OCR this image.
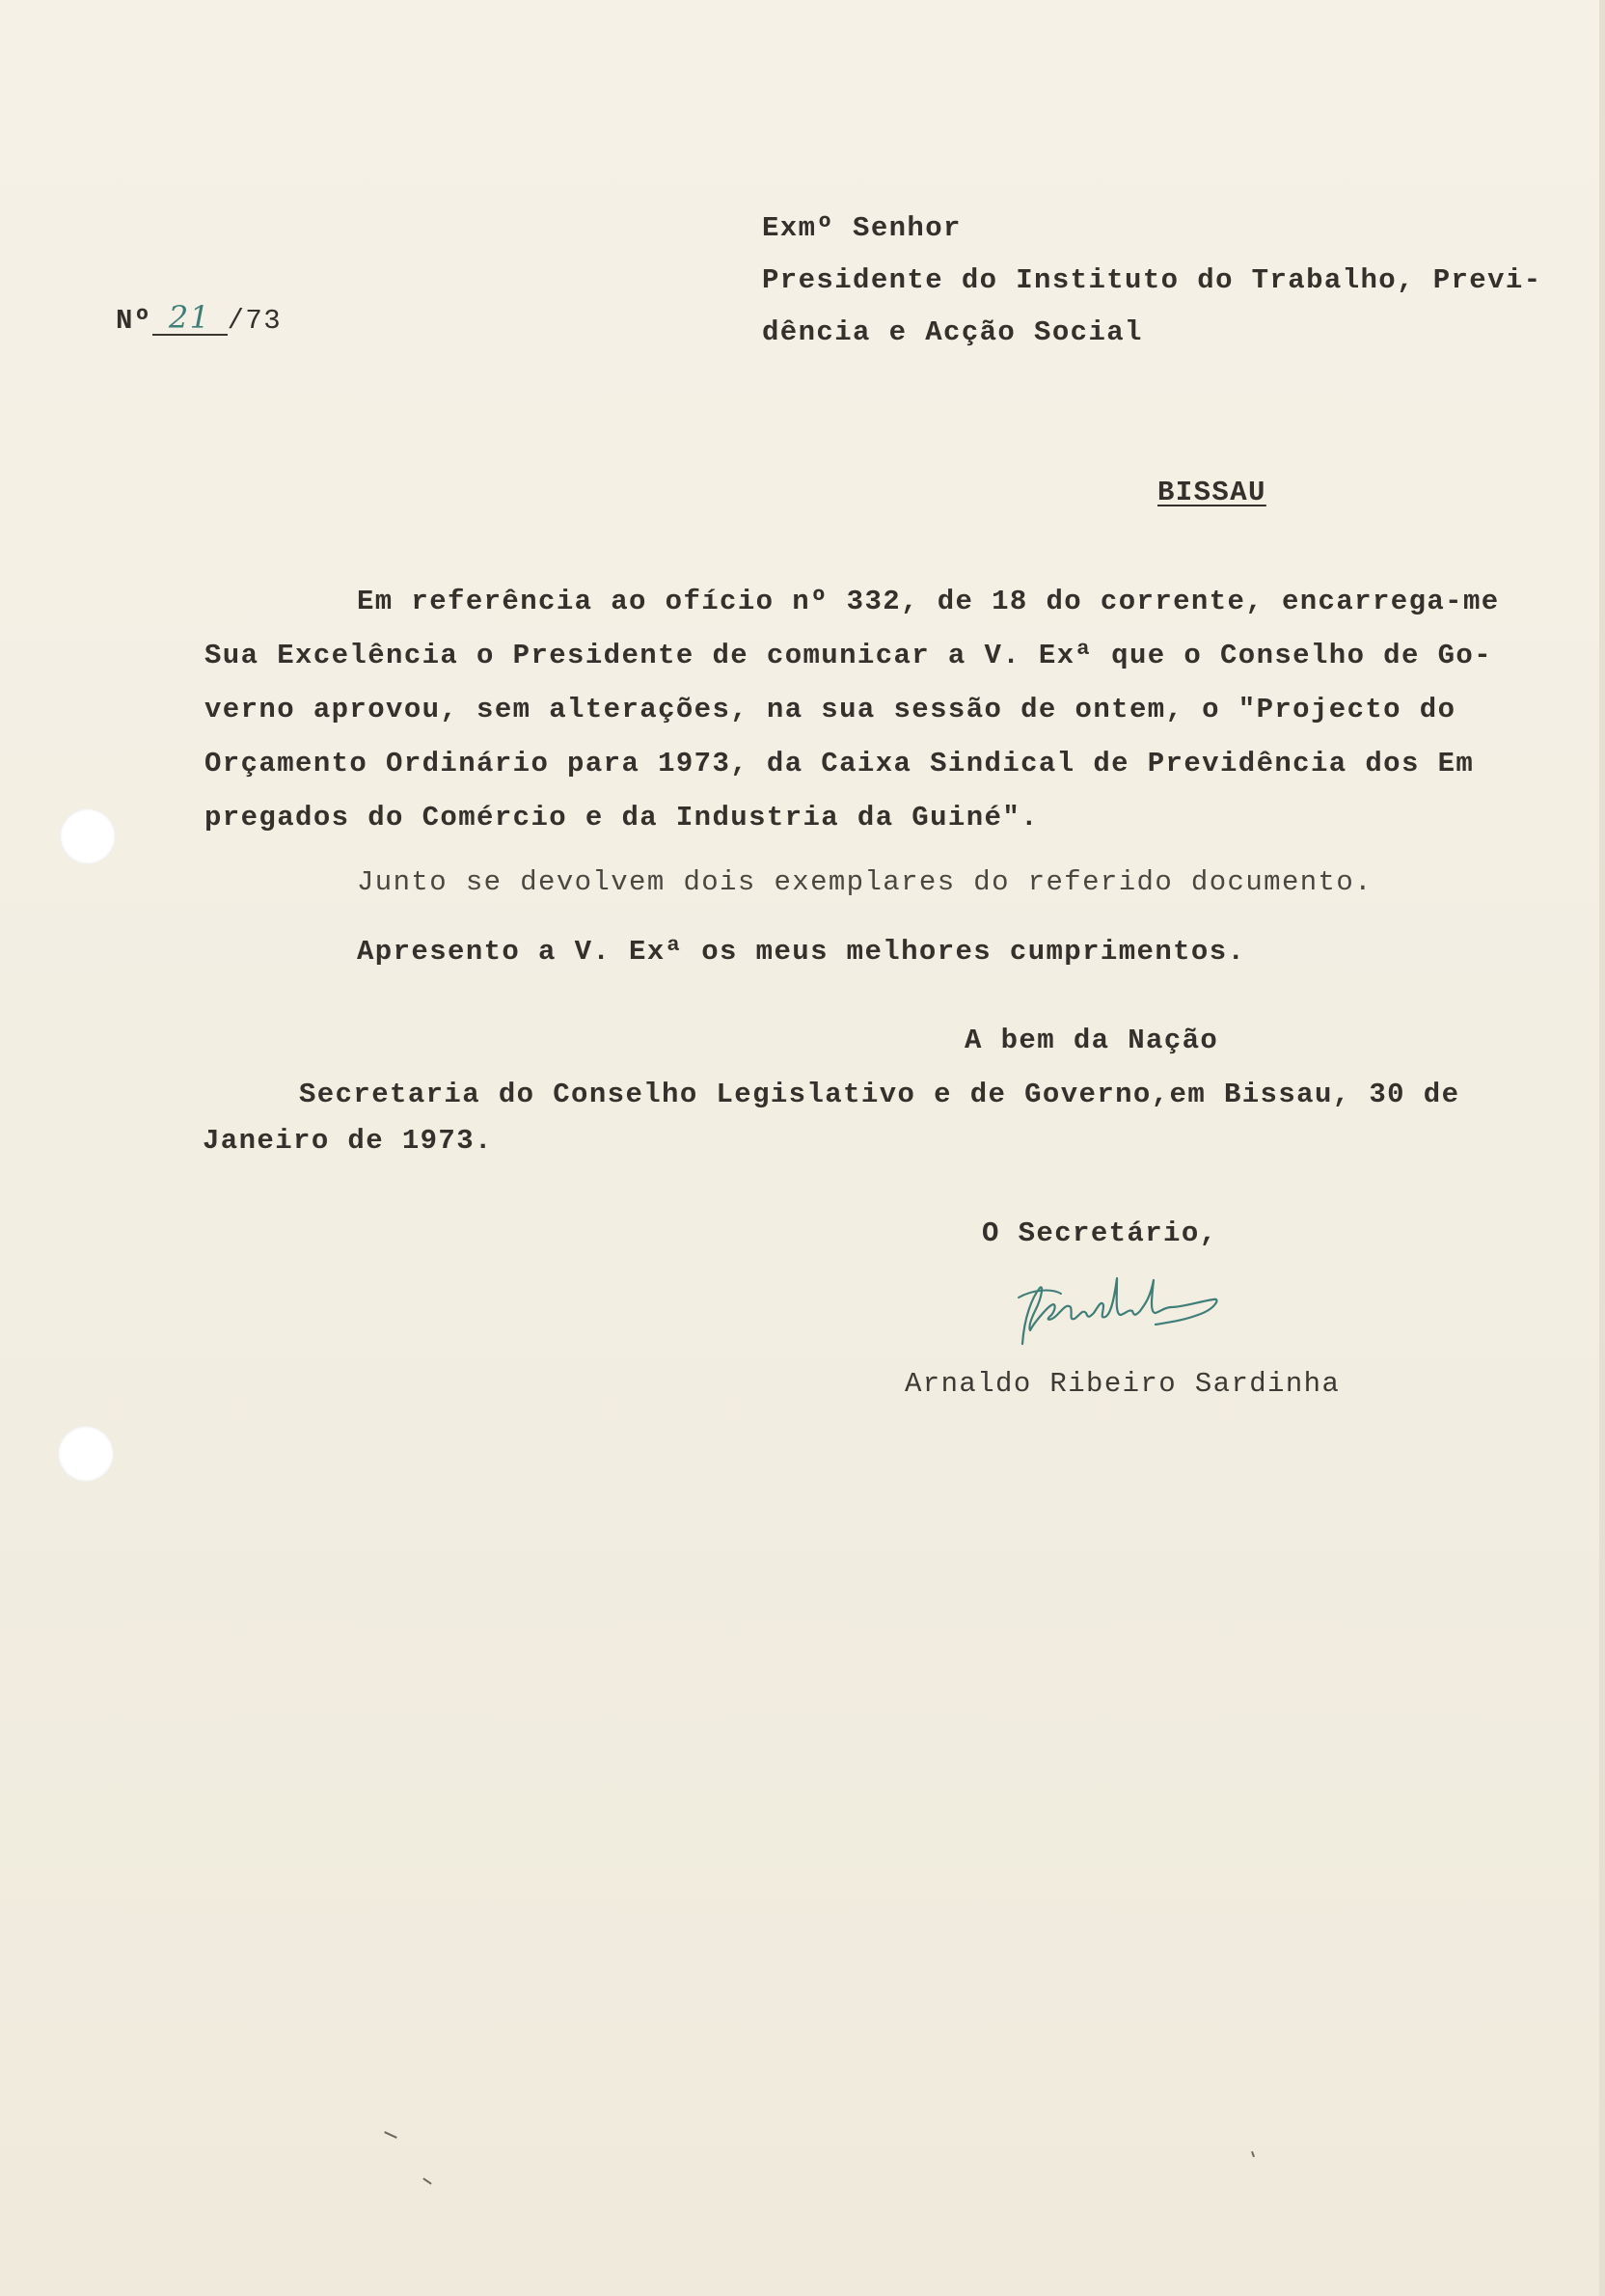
Nº 21 /73
Exmº Senhor
Presidente do Instituto do Trabalho, Previ-
dência e Acção Social
BISSAU
Em referência ao ofício nº 332, de 18 do corrente, encarrega-me
Sua Excelência o Presidente de comunicar a V. Exª que o Conselho de Go-
verno aprovou, sem alterações, na sua sessão de ontem, o "Projecto do
Orçamento Ordinário para 1973, da Caixa Sindical de Previdência dos Em
pregados do Comércio e da Industria da Guiné".
Junto se devolvem dois exemplares do referido documento.
Apresento a V. Exª os meus melhores cumprimentos.
A bem da Nação
Secretaria do Conselho Legislativo e de Governo,em Bissau, 30 de
Janeiro de 1973.
O Secretário,
Arnaldo Ribeiro Sardinha
